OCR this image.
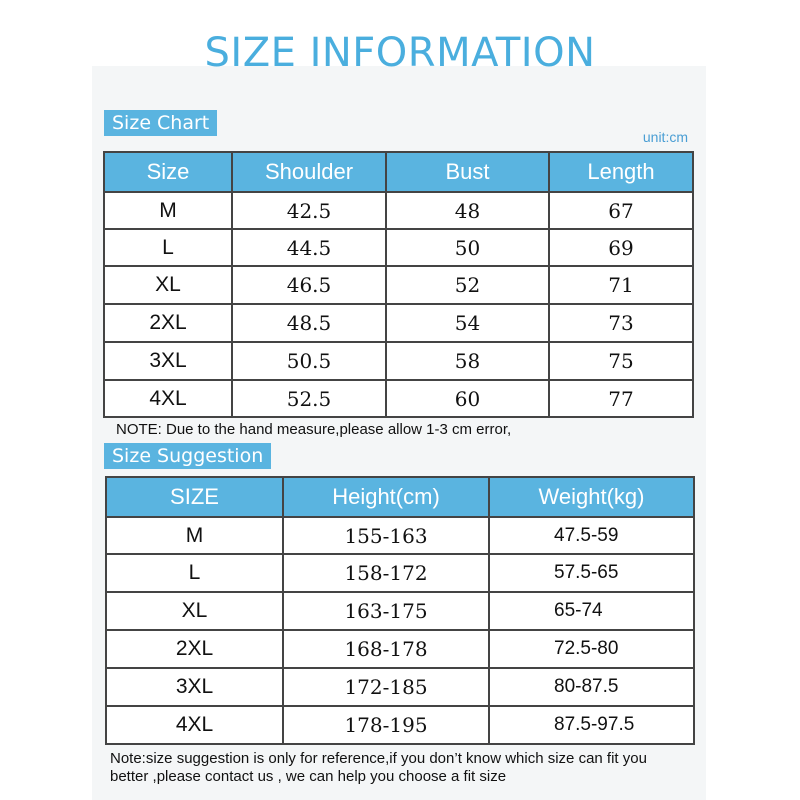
SIZE INFORMATION
Size Chart
unit:cm
Size	Shoulder	Bust	Length
M	42.5	48	67
L	44.5	50	69
XL	46.5	52	71
2XL	48.5	54	73
3XL	50.5	58	75
4XL	52.5	60	77
NOTE: Due to the hand measure,please allow 1-3 cm error,
Size Suggestion
SIZE	Height(cm)	Weight(kg)
M	155-163	47.5-59
L	158-172	57.5-65
XL	163-175	65-74
2XL	168-178	72.5-80
3XL	172-185	80-87.5
4XL	178-195	87.5-97.5
Note:size suggestion is only for reference,if you don’t know which size can fit you
better ,please contact us , we can help you choose a fit size
